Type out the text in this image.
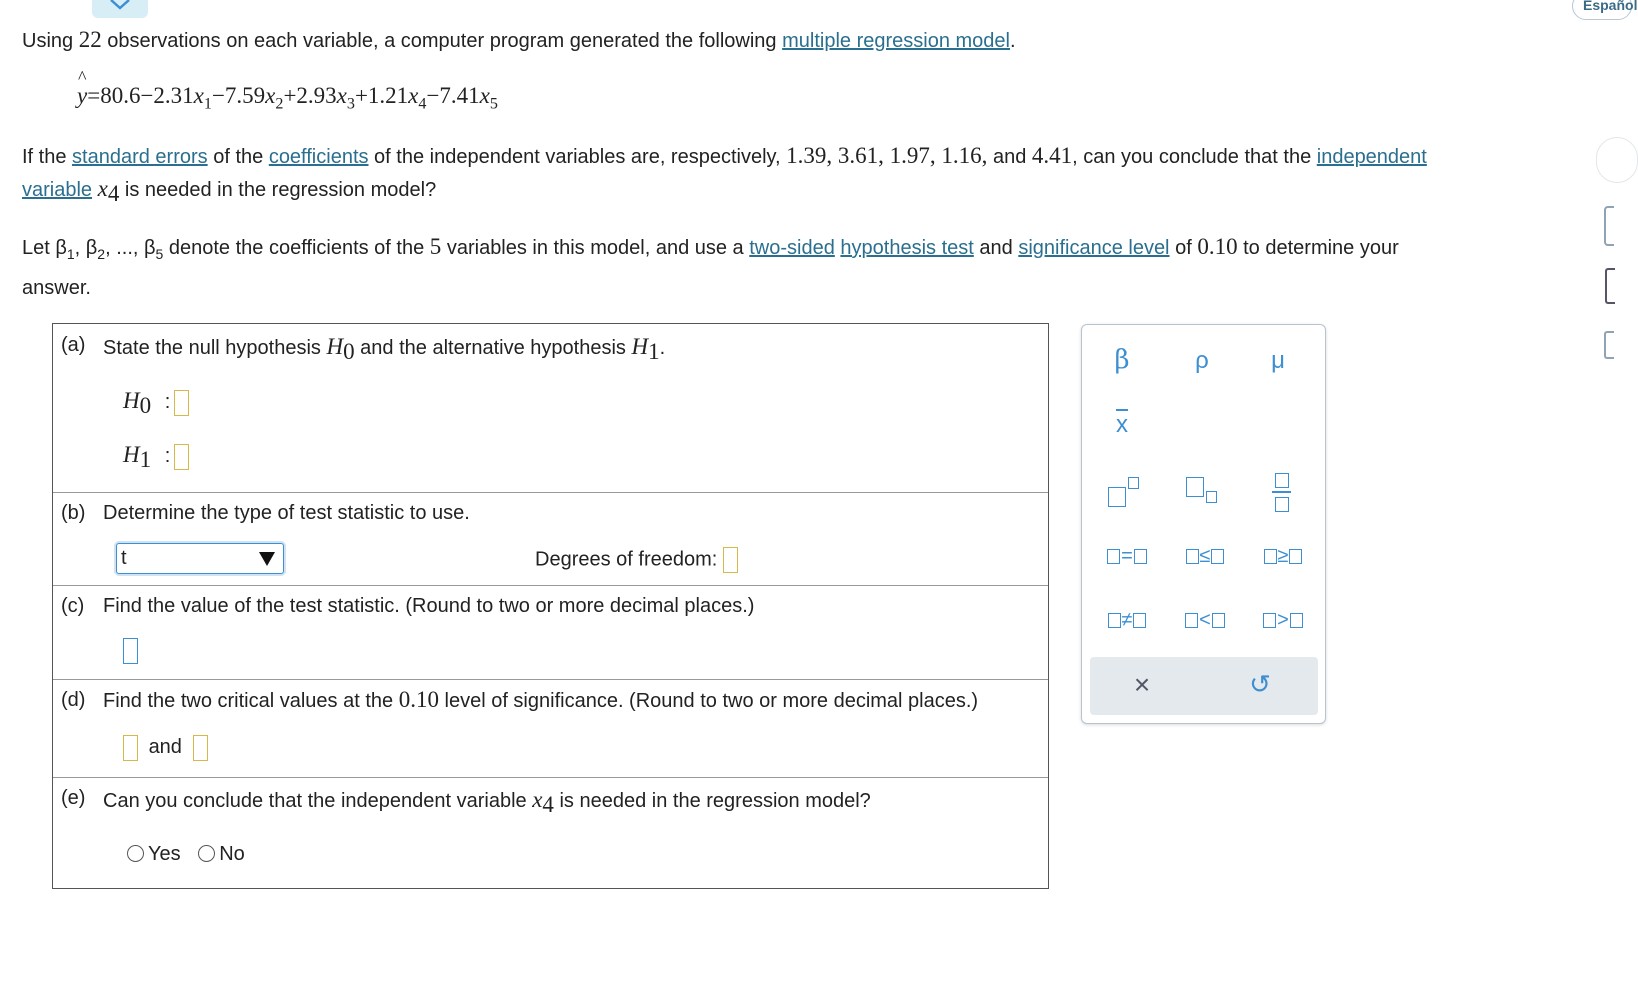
Español
Using 22 observations on each variable, a computer program generated the following multiple regression model.
^
$y=80.6-2.31x_1-7.59x_2+2.93x_3+1.21x_4-7.41x_5$
If the standard errors of the coefficients of the independent variables are, respectively, 1.39, 3.61, 1.97, 1.16, and 4.41, can you conclude that the independent
variable $x_4$ is needed in the regression model?
Let $\beta_1$, $\beta_2$, ..., $\beta_5$ denote the coefficients of the 5 variables in this model, and use a two-sided hypothesis test and significance level of 0.10 to determine your
answer.
(a) State the null hypothesis $H_0$ and the alternative hypothesis $H_1$.
$H_0$ :
$H_1$ :
(b) Determine the type of test statistic to use.
t	Degrees of freedom:
(c) Find the value of the test statistic. (Round to two or more decimal places.)
(d) Find the two critical values at the 0.10 level of significance. (Round to two or more decimal places.)
and
(e) Can you conclude that the independent variable $x_4$ is needed in the regression model?
Yes No
β	ρ	μ
x
=	≤	≥
≠	<	>
×	↺
